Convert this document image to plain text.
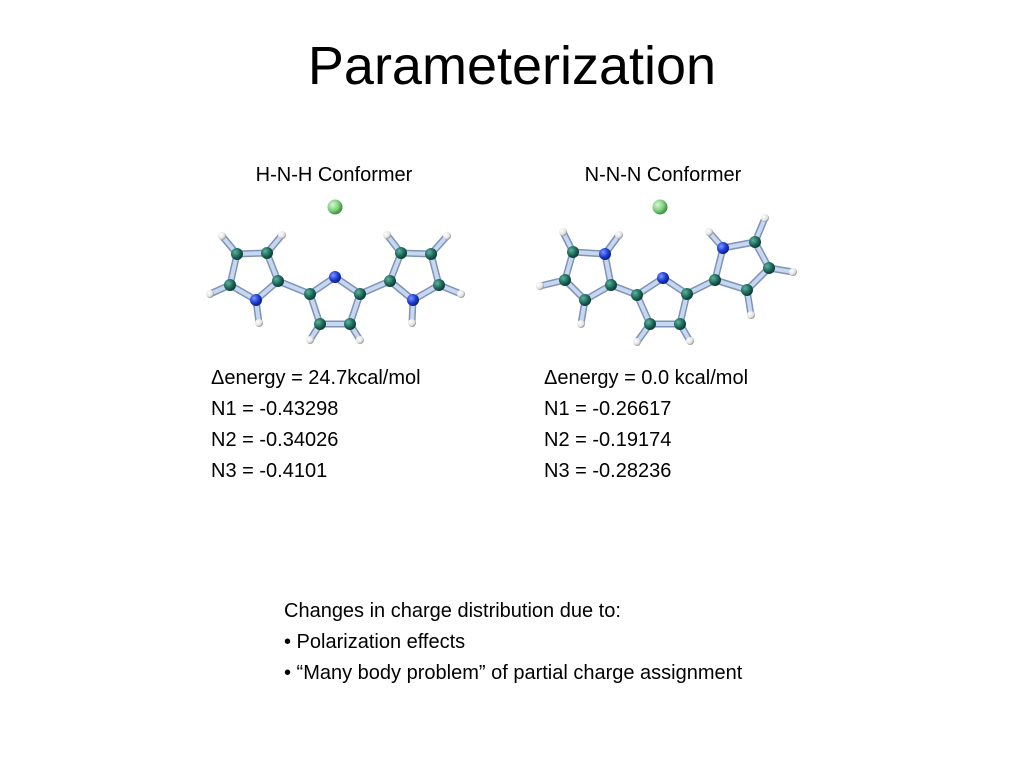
Parameterization
H-N-H Conformer
Δenergy = 24.7kcal/mol
N1 = -0.43298
N2 = -0.34026
N3 = -0.4101
N-N-N Conformer
Δenergy = 0.0 kcal/mol
N1 = -0.26617
N2 = -0.19174
N3 = -0.28236
Changes in charge distribution due to:
• Polarization effects
• “Many body problem” of partial charge assignment
